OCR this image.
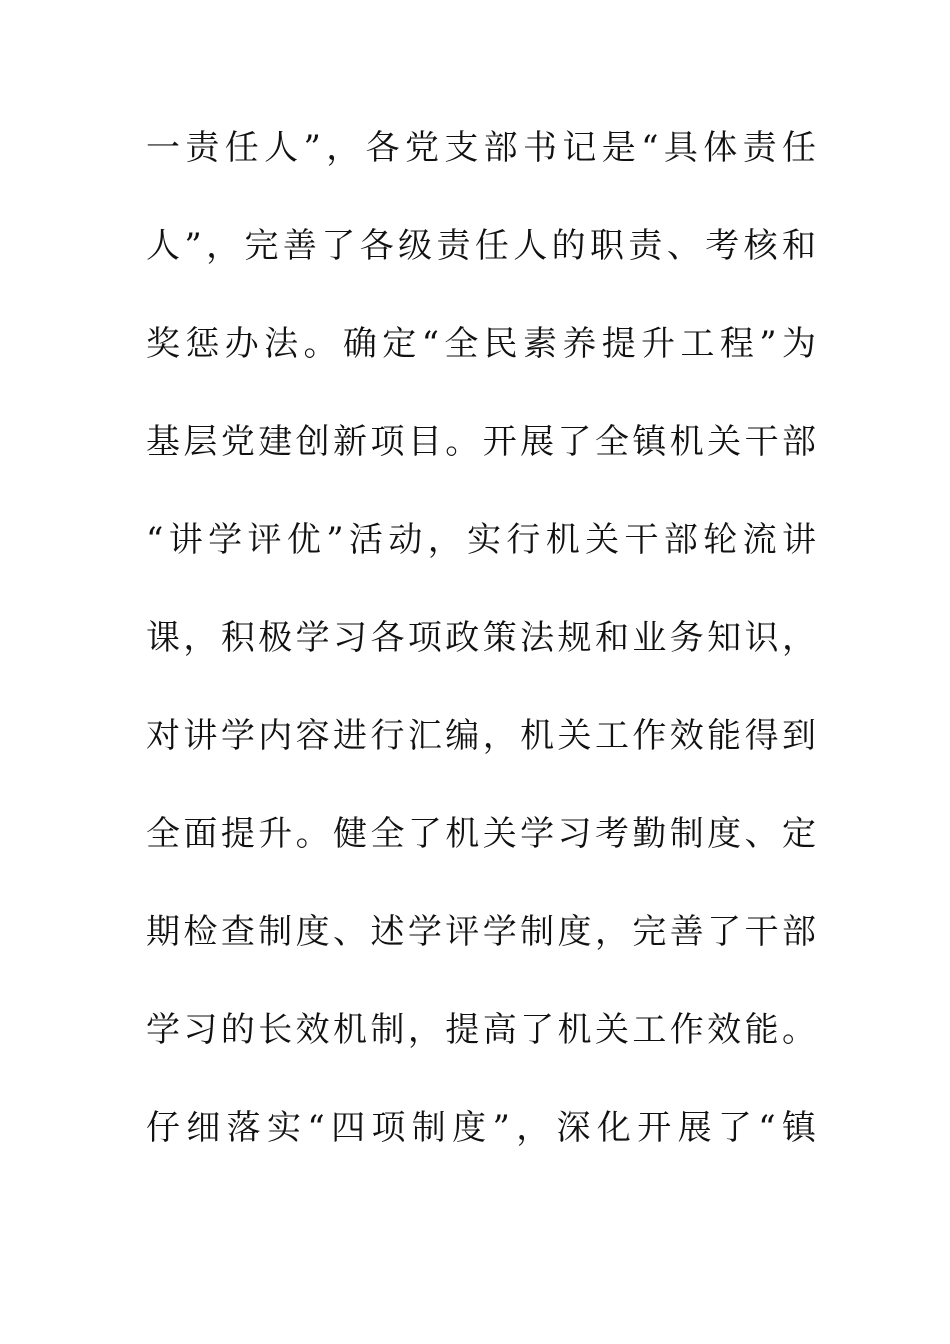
一责任人”，各党支部书记是“具体责任
人”，完善了各级责任人的职责、考核和
奖惩办法。确定“全民素养提升工程”为
基层党建创新项目。开展了全镇机关干部
“讲学评优”活动，实行机关干部轮流讲
课，积极学习各项政策法规和业务知识，
对讲学内容进行汇编，机关工作效能得到
全面提升。健全了机关学习考勤制度、定
期检查制度、述学评学制度，完善了干部
学习的长效机制，提高了机关工作效能。
仔细落实“四项制度”，深化开展了“镇
